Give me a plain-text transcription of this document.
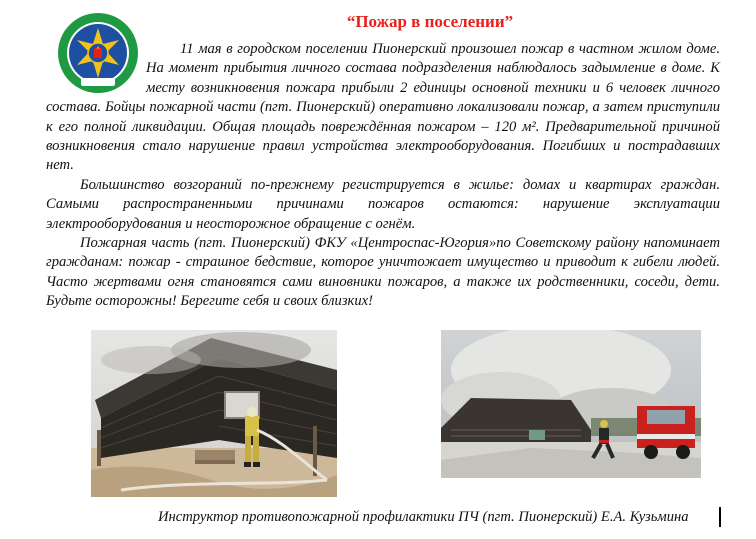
“Пожар в поселении”

11 мая в городском поселении Пионерский произошел пожар в частном жилом доме. На момент прибытия личного состава подразделения наблюдалось задымление в доме. К месту возникновения пожара прибыли 2 единицы основной техники и 6 человек личного состава. Бойцы пожарной части (пгт. Пионерский) оперативно локализовали пожар, а затем приступили к его полной ликвидации. Общая площадь повреждённая пожаром – 120 м². Предварительной причиной возникновения стало нарушение правил устройства электрооборудования. Погибших и пострадавших нет.

Большинство возгораний по-прежнему регистрируется в жилье: домах и квартирах граждан. Самыми распространенными причинами пожаров остаются: нарушение эксплуатации электрооборудования и неосторожное обращение с огнём.

Пожарная часть (пгт. Пионерский) ФКУ «Центроспас-Югория»по Советскому району напоминает гражданам: пожар - страшное бедствие, которое уничтожает имущество и приводит к гибели людей. Часто жертвами огня становятся сами виновники пожаров, а также их родственники, соседи, дети. Будьте осторожны! Берегите себя и своих близких!

Инструктор противопожарной профилактики ПЧ (пгт. Пионерский) Е.А. Кузьмина
